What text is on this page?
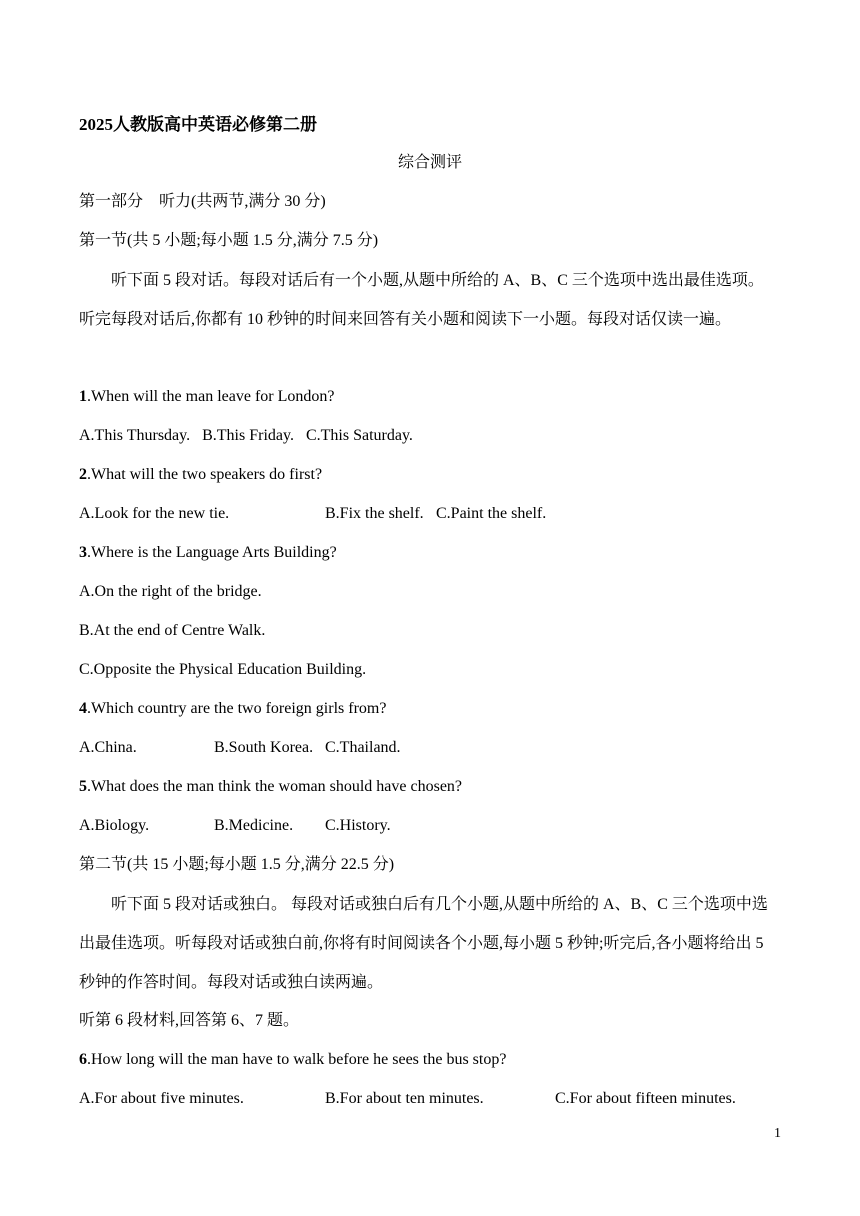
2025人教版高中英语必修第二册
综合测评
第一部分　听力(共两节,满分 30 分)
第一节(共 5 小题;每小题 1.5 分,满分 7.5 分)
听下面 5 段对话。每段对话后有一个小题,从题中所给的 A、B、C 三个选项中选出最佳选项。听完每段对话后,你都有 10 秒钟的时间来回答有关小题和阅读下一小题。每段对话仅读一遍。
1.When will the man leave for London?
A.This Thursday. B.This Friday. C.This Saturday.
2.What will the two speakers do first?
A.Look for the new tie.	B.Fix the shelf. C.Paint the shelf.
3.Where is the Language Arts Building?
A.On the right of the bridge.
B.At the end of Centre Walk.
C.Opposite the Physical Education Building.
4.Which country are the two foreign girls from?
A.China.	B.South Korea. C.Thailand.
5.What does the man think the woman should have chosen?
A.Biology.	B.Medicine. C.History.
第二节(共 15 小题;每小题 1.5 分,满分 22.5 分)
听下面 5 段对话或独白。 每段对话或独白后有几个小题,从题中所给的 A、B、C 三个选项中选出最佳选项。听每段对话或独白前,你将有时间阅读各个小题,每小题 5 秒钟;听完后,各小题将给出 5 秒钟的作答时间。每段对话或独白读两遍。
听第 6 段材料,回答第 6、7 题。
6.How long will the man have to walk before he sees the bus stop?
A.For about five minutes.	B.For about ten minutes.	C.For about fifteen minutes.
1
